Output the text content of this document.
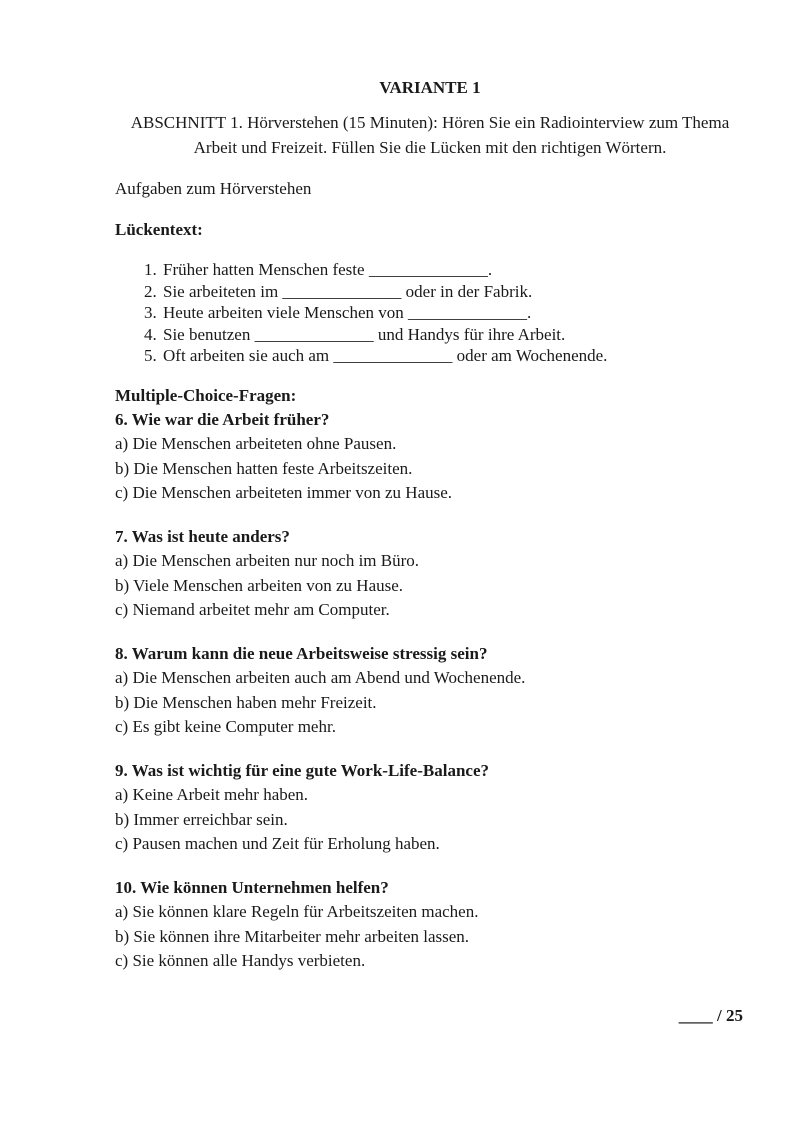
VARIANTE 1
ABSCHNITT 1. Hörverstehen (15 Minuten): Hören Sie ein Radiointerview zum Thema Arbeit und Freizeit. Füllen Sie die Lücken mit den richtigen Wörtern.
Aufgaben zum Hörverstehen
Lückentext:
1. Früher hatten Menschen feste ______________.
2. Sie arbeiteten im ______________ oder in der Fabrik.
3. Heute arbeiten viele Menschen von ______________.
4. Sie benutzen ______________ und Handys für ihre Arbeit.
5. Oft arbeiten sie auch am ______________ oder am Wochenende.
Multiple-Choice-Fragen:
6. Wie war die Arbeit früher?
a) Die Menschen arbeiteten ohne Pausen.
b) Die Menschen hatten feste Arbeitszeiten.
c) Die Menschen arbeiteten immer von zu Hause.
7. Was ist heute anders?
a) Die Menschen arbeiten nur noch im Büro.
b) Viele Menschen arbeiten von zu Hause.
c) Niemand arbeitet mehr am Computer.
8. Warum kann die neue Arbeitsweise stressig sein?
a) Die Menschen arbeiten auch am Abend und Wochenende.
b) Die Menschen haben mehr Freizeit.
c) Es gibt keine Computer mehr.
9. Was ist wichtig für eine gute Work-Life-Balance?
a) Keine Arbeit mehr haben.
b) Immer erreichbar sein.
c) Pausen machen und Zeit für Erholung haben.
10. Wie können Unternehmen helfen?
a) Sie können klare Regeln für Arbeitszeiten machen.
b) Sie können ihre Mitarbeiter mehr arbeiten lassen.
c) Sie können alle Handys verbieten.
____ / 25
